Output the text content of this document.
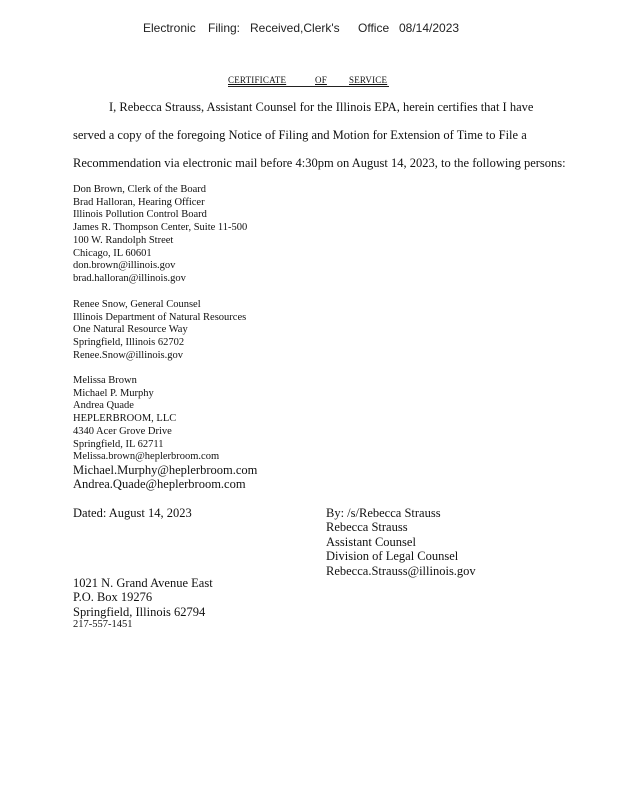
Electronic Filing: Received,Clerk's Office 08/14/2023
CERTIFICATE	OF SERVICE
I, Rebecca Strauss, Assistant Counsel for the Illinois EPA, herein certifies that I have
served a copy of the foregoing Notice of Filing and Motion for Extension of Time to File a
Recommendation via electronic mail before 4:30pm on August 14, 2023, to the following persons:
Don Brown, Clerk of the Board
Brad Halloran, Hearing Officer
Illinois Pollution Control Board
James R. Thompson Center, Suite 11-500
100 W. Randolph Street
Chicago, IL 60601
don.brown@illinois.gov
brad.halloran@illinois.gov
Renee Snow, General Counsel
Illinois Department of Natural Resources
One Natural Resource Way
Springfield, Illinois 62702
Renee.Snow@illinois.gov
Melissa Brown
Michael P. Murphy
Andrea Quade
HEPLERBROOM, LLC
4340 Acer Grove Drive
Springfield, IL 62711
Melissa.brown@heplerbroom.com
Michael.Murphy@heplerbroom.com
Andrea.Quade@heplerbroom.com
Dated: August 14, 2023	By: /s/Rebecca Strauss
Rebecca Strauss
Assistant Counsel
Division of Legal Counsel
Rebecca.Strauss@illinois.gov
1021 N. Grand Avenue East
P.O. Box 19276
Springfield, Illinois 62794
217-557-1451
